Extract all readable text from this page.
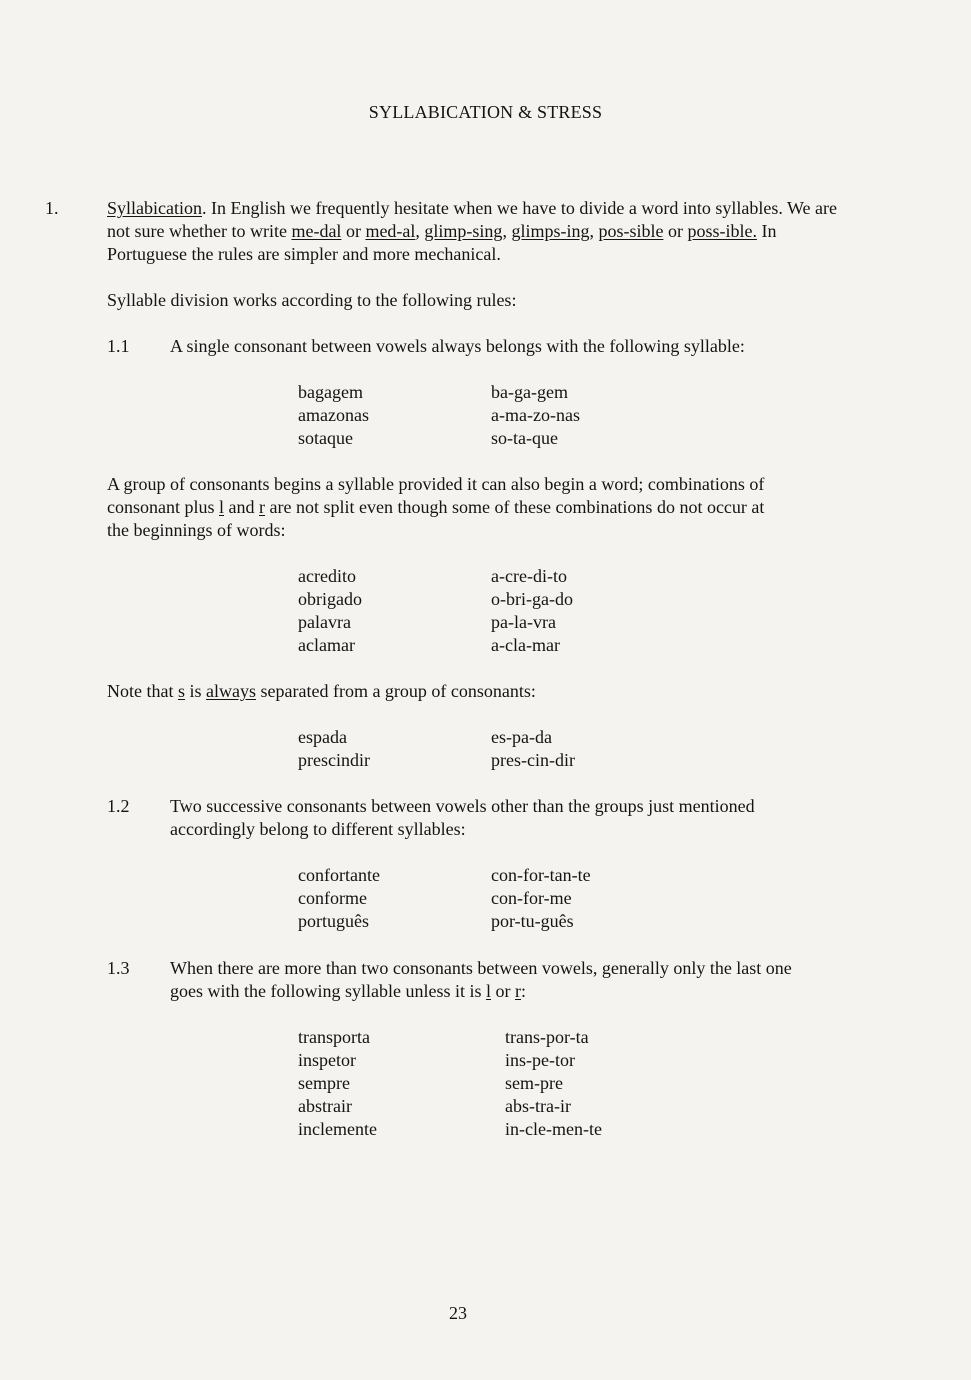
SYLLABICATION & STRESS
1.	Syllabication. In English we frequently hesitate when we have to divide a word into syllables. We are
not sure whether to write me-dal or med-al, glimp-sing, glimps-ing, pos-sible or poss-ible. In
Portuguese the rules are simpler and more mechanical.
Syllable division works according to the following rules:
1.1 A single consonant between vowels always belongs with the following syllable:
bagagem	ba-ga-gem
amazonas	a-ma-zo-nas
sotaque	so-ta-que
A group of consonants begins a syllable provided it can also begin a word; combinations of
consonant plus l and r are not split even though some of these combinations do not occur at
the beginnings of words:
acredito	a-cre-di-to
obrigado	o-bri-ga-do
palavra	pa-la-vra
aclamar	a-cla-mar
Note that s is always separated from a group of consonants:
espada	es-pa-da
prescindir	pres-cin-dir
1.2 Two successive consonants between vowels other than the groups just mentioned
accordingly belong to different syllables:
confortante	con-for-tan-te
conforme	con-for-me
português	por-tu-guês
1.3 When there are more than two consonants between vowels, generally only the last one
goes with the following syllable unless it is l or r:
transporta	trans-por-ta
inspetor	ins-pe-tor
sempre	sem-pre
abstrair	abs-tra-ir
inclemente	in-cle-men-te
23
